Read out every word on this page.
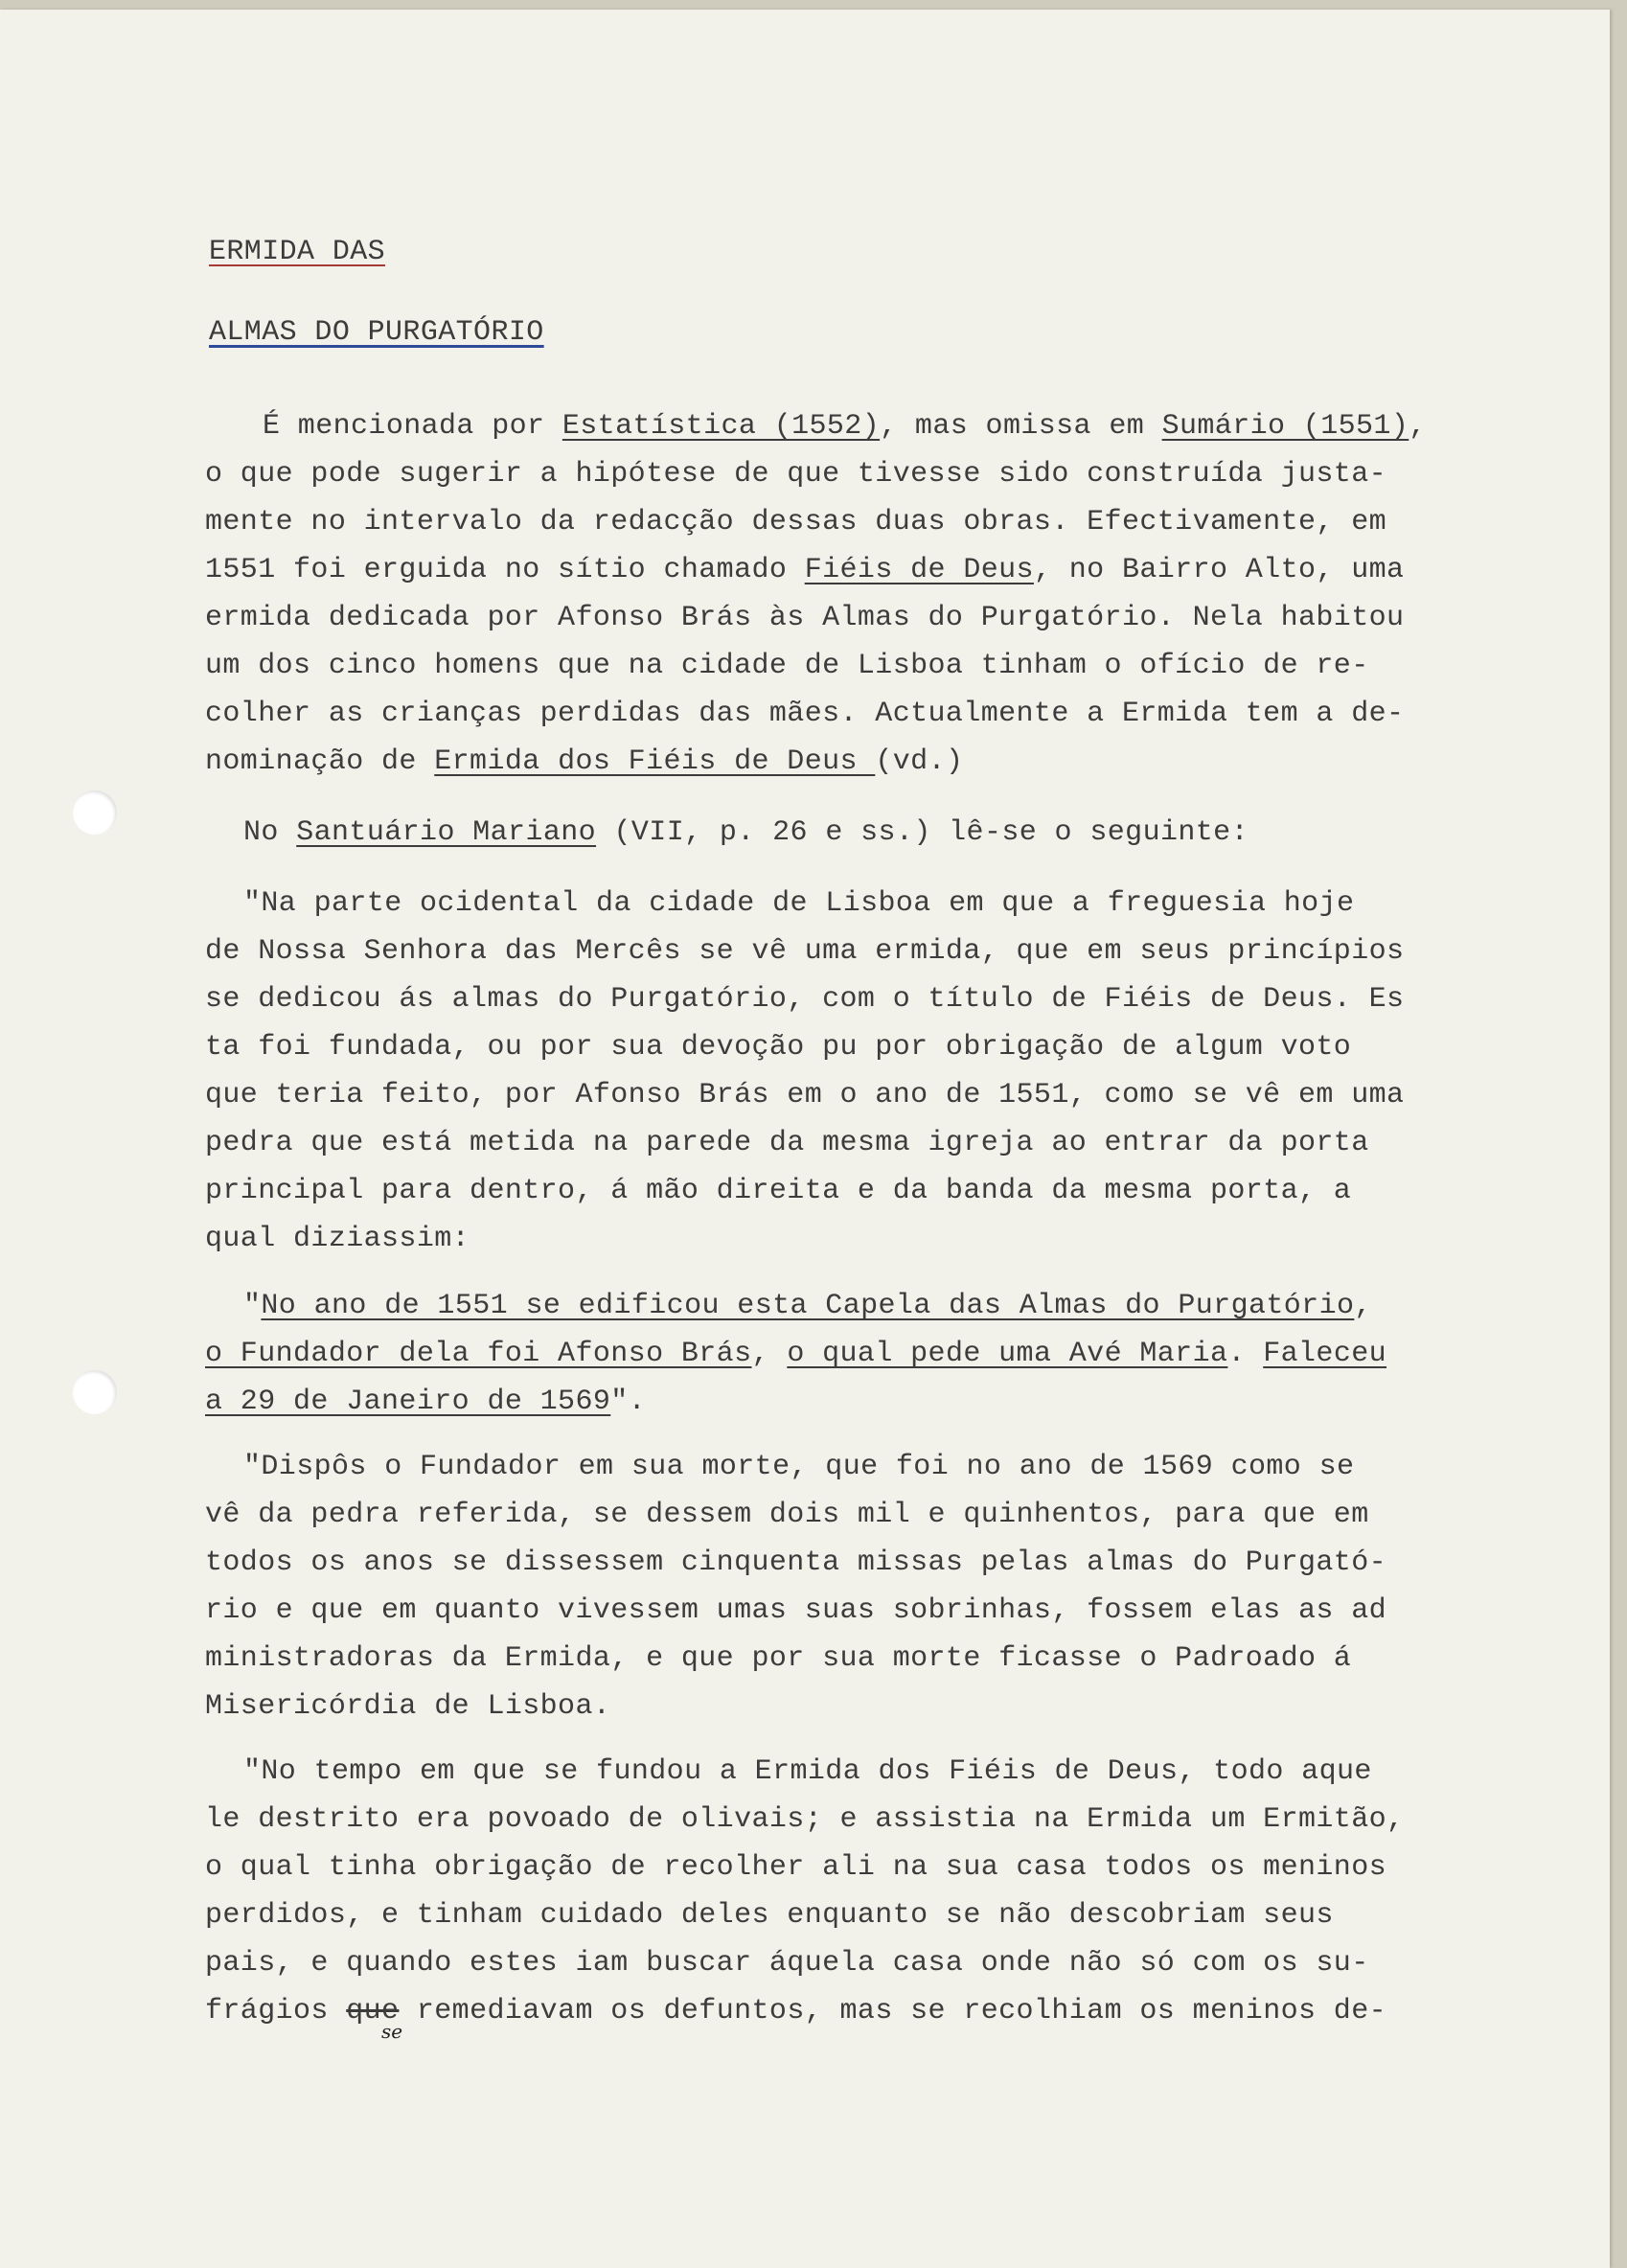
ERMIDA DAS
ALMAS DO PURGATÓRIO
É mencionada por Estatística (1552), mas omissa em Sumário (1551),
o que pode sugerir a hipótese de que tivesse sido construída justa-
mente no intervalo da redacção dessas duas obras. Efectivamente, em
1551 foi erguida no sítio chamado Fiéis de Deus, no Bairro Alto, uma
ermida dedicada por Afonso Brás às Almas do Purgatório. Nela habitou
um dos cinco homens que na cidade de Lisboa tinham o ofício de re-
colher as crianças perdidas das mães. Actualmente a Ermida tem a de-
nominação de Ermida dos Fiéis de Deus (vd.)
No Santuário Mariano (VII, p. 26 e ss.) lê-se o seguinte:
"Na parte ocidental da cidade de Lisboa em que a freguesia hoje
de Nossa Senhora das Mercês se vê uma ermida, que em seus princípios
se dedicou ás almas do Purgatório, com o título de Fiéis de Deus. Es
ta foi fundada, ou por sua devoção pu por obrigação de algum voto
que teria feito, por Afonso Brás em o ano de 1551, como se vê em uma
pedra que está metida na parede da mesma igreja ao entrar da porta
principal para dentro, á mão direita e da banda da mesma porta, a
qual diziassim:
"No ano de 1551 se edificou esta Capela das Almas do Purgatório,
o Fundador dela foi Afonso Brás, o qual pede uma Avé Maria. Faleceu
a 29 de Janeiro de 1569".
"Dispôs o Fundador em sua morte, que foi no ano de 1569 como se
vê da pedra referida, se dessem dois mil e quinhentos, para que em
todos os anos se dissessem cinquenta missas pelas almas do Purgató-
rio e que em quanto vivessem umas suas sobrinhas, fossem elas as ad
ministradoras da Ermida, e que por sua morte ficasse o Padroado á
Misericórdia de Lisboa.
"No tempo em que se fundou a Ermida dos Fiéis de Deus, todo aque
le destrito era povoado de olivais; e assistia na Ermida um Ermitão,
o qual tinha obrigação de recolher ali na sua casa todos os meninos
perdidos, e tinham cuidado deles enquanto se não descobriam seus
pais, e quando estes iam buscar áquela casa onde não só com os su-
frágios que remediavam os defuntos, mas se recolhiam os meninos de-
se
